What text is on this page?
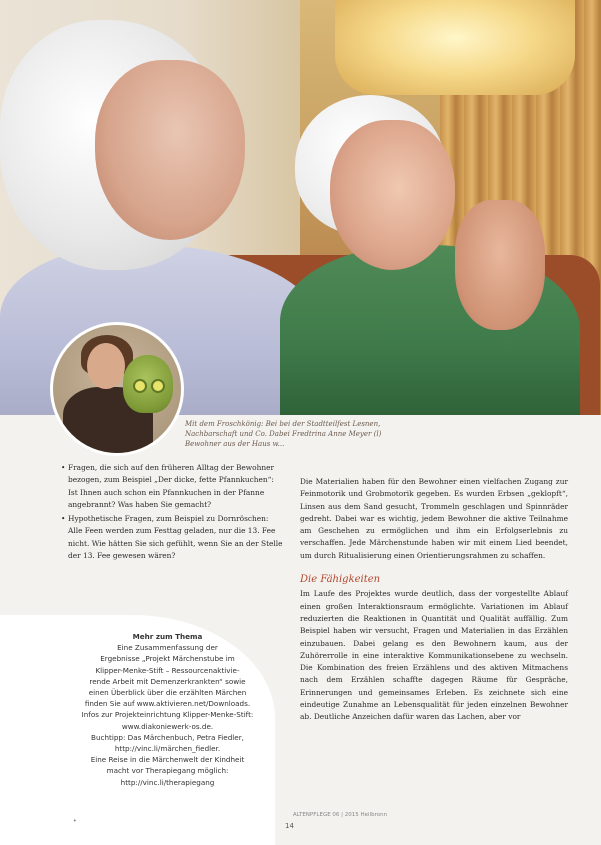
Mit dem Froschkönig: Bei bei der Stadtteilfest Lesnen, Nachbarschaft und Co. Dabei Fredtrina Anne Meyer (l) Bewohner aus der Haus w...
• Fragen, die sich auf den früheren Alltag der Bewohner bezogen, zum Beispiel „Der dicke, fette Pfannkuchen“: Ist Ihnen auch schon ein Pfannkuchen in der Pfanne angebrannt? Was haben Sie gemacht?
• Hypothetische Fragen, zum Beispiel zu Dornröschen: Alle Feen werden zum Festtag geladen, nur die 13. Fee nicht. Wie hätten Sie sich gefühlt, wenn Sie an der Stelle der 13. Fee gewesen wären?
Mehr zum Thema
Eine Zusammenfassung der
Ergebnisse „Projekt Märchenstube im
Klipper-Menke-Stift – Ressourcenaktivie-
rende Arbeit mit Demenzerkrankten“ sowie
einen Überblick über die erzählten Märchen
finden Sie auf www.aktivieren.net/Downloads.
Infos zur Projekteinrichtung Klipper-Menke-Stift:
www.diakoniewerk-os.de.
Buchtipp: Das Märchenbuch, Petra Fiedler,
http://vinc.li/märchen_fiedler.
Eine Reise in die Märchenwelt der Kindheit
macht vor Therapiegang möglich:
http://vinc.li/therapiegang

Die Materialien haben für den Bewohner einen vielfachen Zugang zur Feinmotorik und Grobmotorik gegeben. Es wurden Erbsen „geklopft“, Linsen aus dem Sand gesucht, Trommeln geschlagen und Spinnräder gedreht. Dabei war es wichtig, jedem Bewohner die aktive Teilnahme am Geschehen zu ermöglichen und ihm ein Erfolgserlebnis zu verschaffen. Jede Märchenstunde haben wir mit einem Lied beendet, um durch Ritualisierung einen Orientierungsrahmen zu schaffen.

Die Fähigkeiten

Im Laufe des Projektes wurde deutlich, dass der vorgestellte Ablauf einen großen Interaktionsraum ermöglichte. Variationen im Ablauf reduzierten die Reaktionen in Quantität und Qualität auffällig. Zum Beispiel haben wir versucht, Fragen und Materialien in das Erzählen einzubauen. Dabei gelang es den Bewohnern kaum, aus der Zuhörerrolle in eine interaktive Kommunikationsebene zu wechseln. Die Kombination des freien Erzählens und des aktiven Mitmachens nach dem Erzählen schaffte dagegen Räume für Gespräche, Erinnerungen und gemeinsames Erleben. Es zeichnete sich eine eindeutige Zunahme an Lebensqualität für jeden einzelnen Bewohner ab. Deutliche Anzeichen dafür waren das Lachen, aber vor

•
ALTENPFLEGE 06 | 2015 Heilbronn
14
